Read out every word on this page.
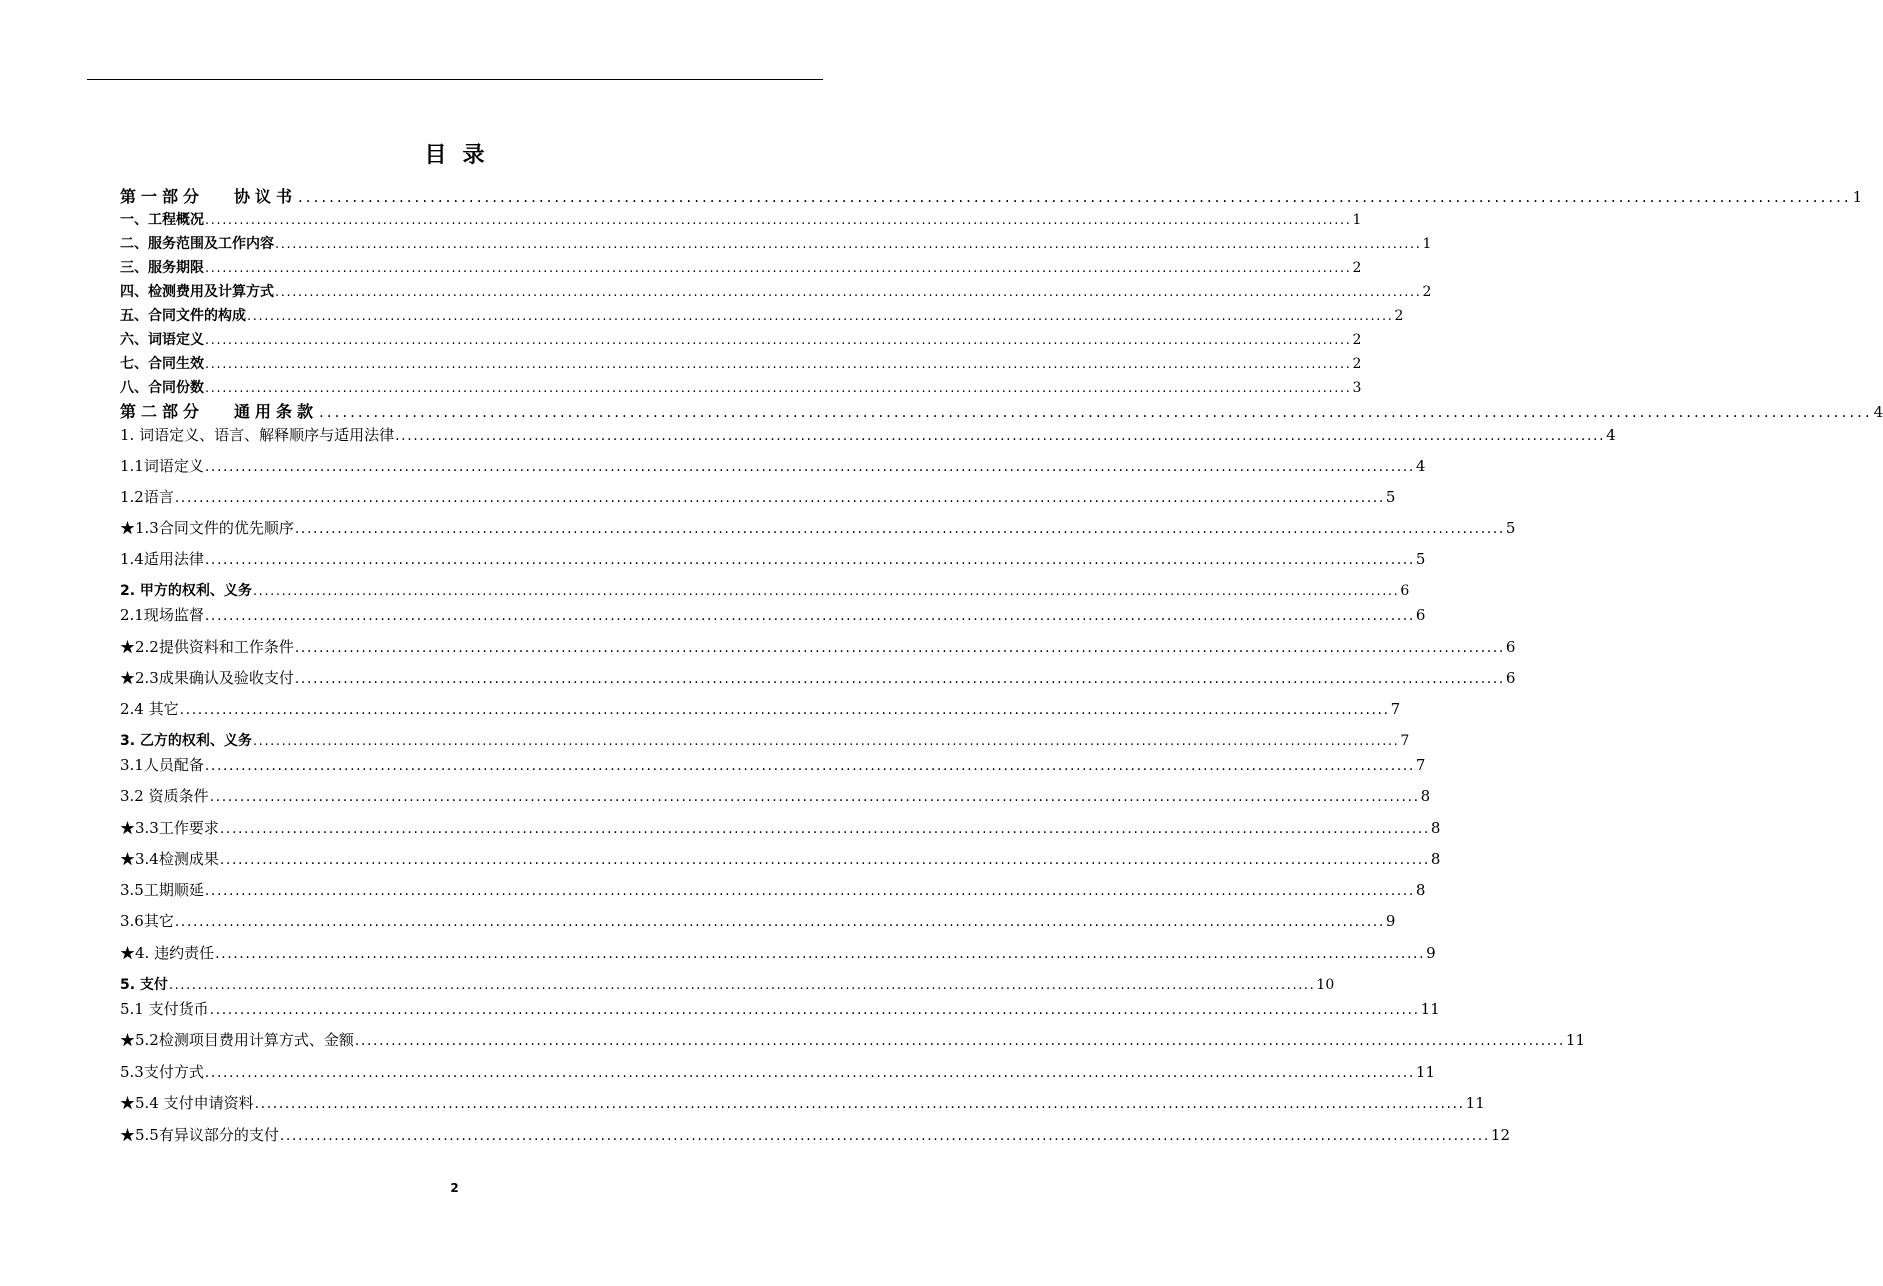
目录
第一部分 协议书 ........................................................................................................................................................................................................ 1
一、工程概况 ........................................................................................................................................................................................................ 1
二、服务范围及工作内容 ........................................................................................................................................................................................................ 1
三、服务期限 ........................................................................................................................................................................................................ 2
四、检测费用及计算方式 ........................................................................................................................................................................................................ 2
五、合同文件的构成 ........................................................................................................................................................................................................ 2
六、词语定义 ........................................................................................................................................................................................................ 2
七、合同生效 ........................................................................................................................................................................................................ 2
八、合同份数 ........................................................................................................................................................................................................ 3
第二部分 通用条款 ........................................................................................................................................................................................................ 4
1. 词语定义、语言、解释顺序与适用法律 ........................................................................................................................................................................................................ 4
1.1词语定义 ........................................................................................................................................................................................................ 4
1.2语言 ........................................................................................................................................................................................................ 5
★1.3合同文件的优先顺序 ........................................................................................................................................................................................................ 5
1.4适用法律 ........................................................................................................................................................................................................ 5
2. 甲方的权利、义务 ........................................................................................................................................................................................................ 6
2.1现场监督 ........................................................................................................................................................................................................ 6
★2.2提供资料和工作条件 ........................................................................................................................................................................................................ 6
★2.3成果确认及验收支付 ........................................................................................................................................................................................................ 6
2.4 其它 ........................................................................................................................................................................................................ 7
3. 乙方的权利、义务 ........................................................................................................................................................................................................ 7
3.1人员配备 ........................................................................................................................................................................................................ 7
3.2 资质条件 ........................................................................................................................................................................................................ 8
★3.3工作要求 ........................................................................................................................................................................................................ 8
★3.4检测成果 ........................................................................................................................................................................................................ 8
3.5工期顺延 ........................................................................................................................................................................................................ 8
3.6其它 ........................................................................................................................................................................................................ 9
★4. 违约责任 ........................................................................................................................................................................................................ 9
5. 支付 ........................................................................................................................................................................................................ 10
5.1 支付货币 ........................................................................................................................................................................................................ 11
★5.2检测项目费用计算方式、金额 ........................................................................................................................................................................................................ 11
5.3支付方式 ........................................................................................................................................................................................................ 11
★5.4 支付申请资料 ........................................................................................................................................................................................................ 11
★5.5有异议部分的支付 ........................................................................................................................................................................................................ 12
2
